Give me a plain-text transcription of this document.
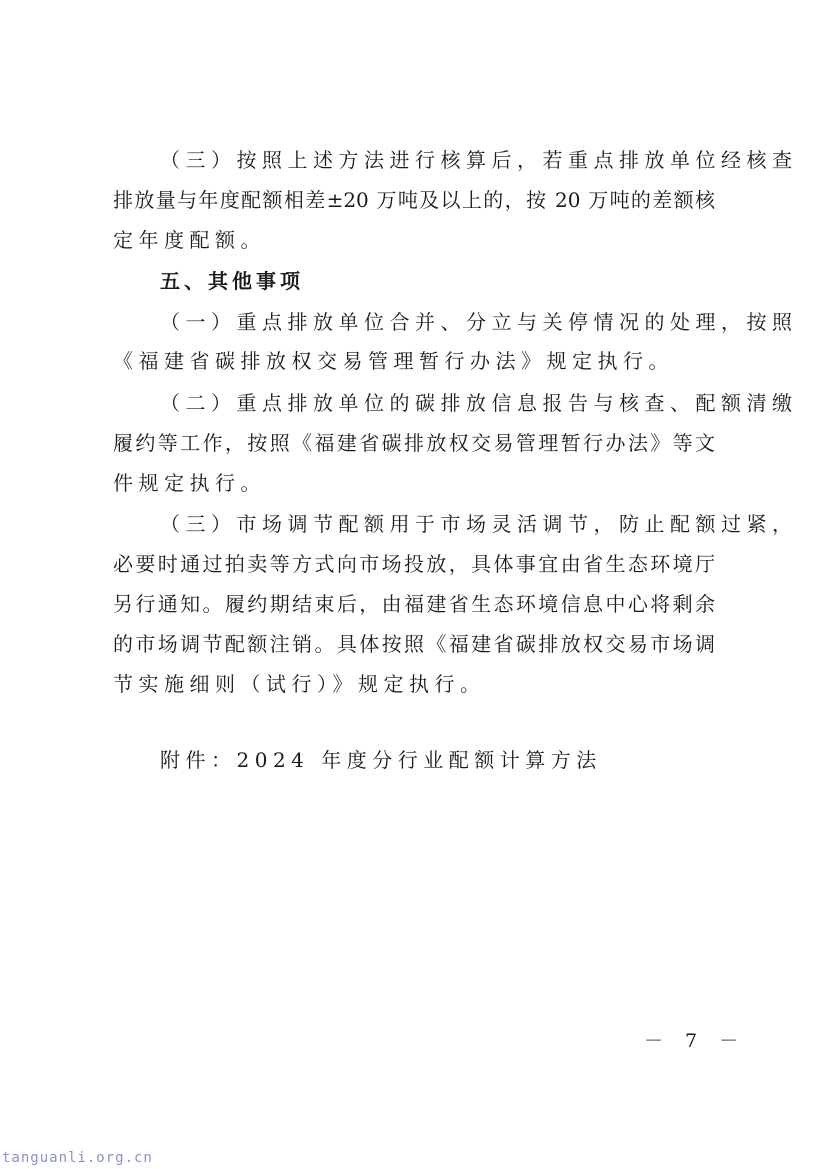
（三）按照上述方法进行核算后，若重点排放单位经核查
排放量与年度配额相差±20 万吨及以上的，按 20 万吨的差额核
定年度配额。
五、其他事项
（一）重点排放单位合并、分立与关停情况的处理，按照
《福建省碳排放权交易管理暂行办法》规定执行。
（二）重点排放单位的碳排放信息报告与核查、配额清缴
履约等工作，按照《福建省碳排放权交易管理暂行办法》等文
件规定执行。
（三）市场调节配额用于市场灵活调节，防止配额过紧，
必要时通过拍卖等方式向市场投放，具体事宜由省生态环境厅
另行通知。履约期结束后，由福建省生态环境信息中心将剩余
的市场调节配额注销。具体按照《福建省碳排放权交易市场调
节实施细则（试行）》规定执行。
附件：2024 年度分行业配额计算方法
－ 7 －
tanguanli.org.cn
